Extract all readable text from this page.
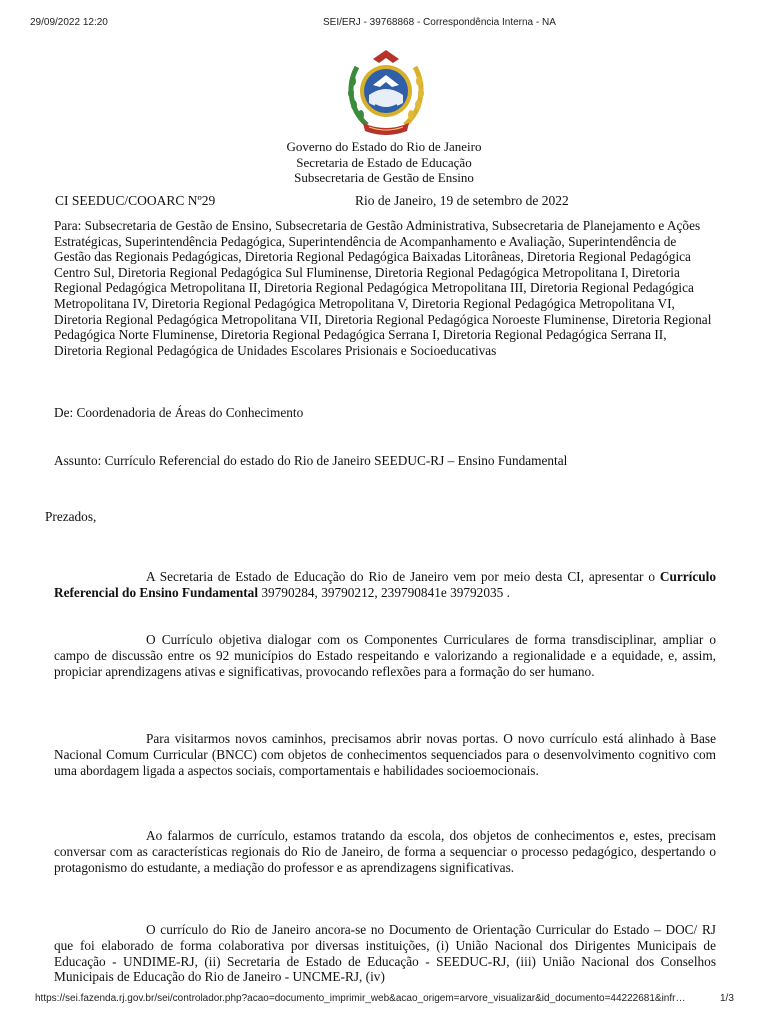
29/09/2022 12:20	SEI/ERJ - 39768868 - Correspondência Interna - NA
Governo do Estado do Rio de Janeiro
Secretaria de Estado de Educação
Subsecretaria de Gestão de Ensino
CI SEEDUC/COOARC Nº29	Rio de Janeiro, 19 de setembro de 2022
Para: Subsecretaria de Gestão de Ensino, Subsecretaria de Gestão Administrativa, Subsecretaria de Planejamento e Ações Estratégicas, Superintendência Pedagógica, Superintendência de Acompanhamento e Avaliação, Superintendência de Gestão das Regionais Pedagógicas, Diretoria Regional Pedagógica Baixadas Litorâneas, Diretoria Regional Pedagógica Centro Sul, Diretoria Regional Pedagógica Sul Fluminense, Diretoria Regional Pedagógica Metropolitana I, Diretoria Regional Pedagógica Metropolitana II, Diretoria Regional Pedagógica Metropolitana III, Diretoria Regional Pedagógica Metropolitana IV, Diretoria Regional Pedagógica Metropolitana V, Diretoria Regional Pedagógica Metropolitana VI, Diretoria Regional Pedagógica Metropolitana VII, Diretoria Regional Pedagógica Noroeste Fluminense, Diretoria Regional Pedagógica Norte Fluminense, Diretoria Regional Pedagógica Serrana I, Diretoria Regional Pedagógica Serrana II, Diretoria Regional Pedagógica de Unidades Escolares Prisionais e Socioeducativas
De: Coordenadoria de Áreas do Conhecimento
Assunto: Currículo Referencial do estado do Rio de Janeiro SEEDUC-RJ – Ensino Fundamental
Prezados,
A Secretaria de Estado de Educação do Rio de Janeiro vem por meio desta CI, apresentar o Currículo Referencial do Ensino Fundamental 39790284, 39790212, 239790841e 39792035 .
O Currículo objetiva dialogar com os Componentes Curriculares de forma transdisciplinar, ampliar o campo de discussão entre os 92 municípios do Estado respeitando e valorizando a regionalidade e a equidade, e, assim, propiciar aprendizagens ativas e significativas, provocando reflexões para a formação do ser humano.
Para visitarmos novos caminhos, precisamos abrir novas portas. O novo currículo está alinhado à Base Nacional Comum Curricular (BNCC) com objetos de conhecimentos sequenciados para o desenvolvimento cognitivo com uma abordagem ligada a aspectos sociais, comportamentais e habilidades socioemocionais.
Ao falarmos de currículo, estamos tratando da escola, dos objetos de conhecimentos e, estes, precisam conversar com as características regionais do Rio de Janeiro, de forma a sequenciar o processo pedagógico, despertando o protagonismo do estudante, a mediação do professor e as aprendizagens significativas.
O currículo do Rio de Janeiro ancora-se no Documento de Orientação Curricular do Estado – DOC/ RJ que foi elaborado de forma colaborativa por diversas instituições, (i) União Nacional dos Dirigentes Municipais de Educação - UNDIME-RJ, (ii) Secretaria de Estado de Educação - SEEDUC-RJ, (iii) União Nacional dos Conselhos Municipais de Educação do Rio de Janeiro - UNCME-RJ, (iv)
https://sei.fazenda.rj.gov.br/sei/controlador.php?acao=documento_imprimir_web&acao_origem=arvore_visualizar&id_documento=44222681&infr…	1/3
